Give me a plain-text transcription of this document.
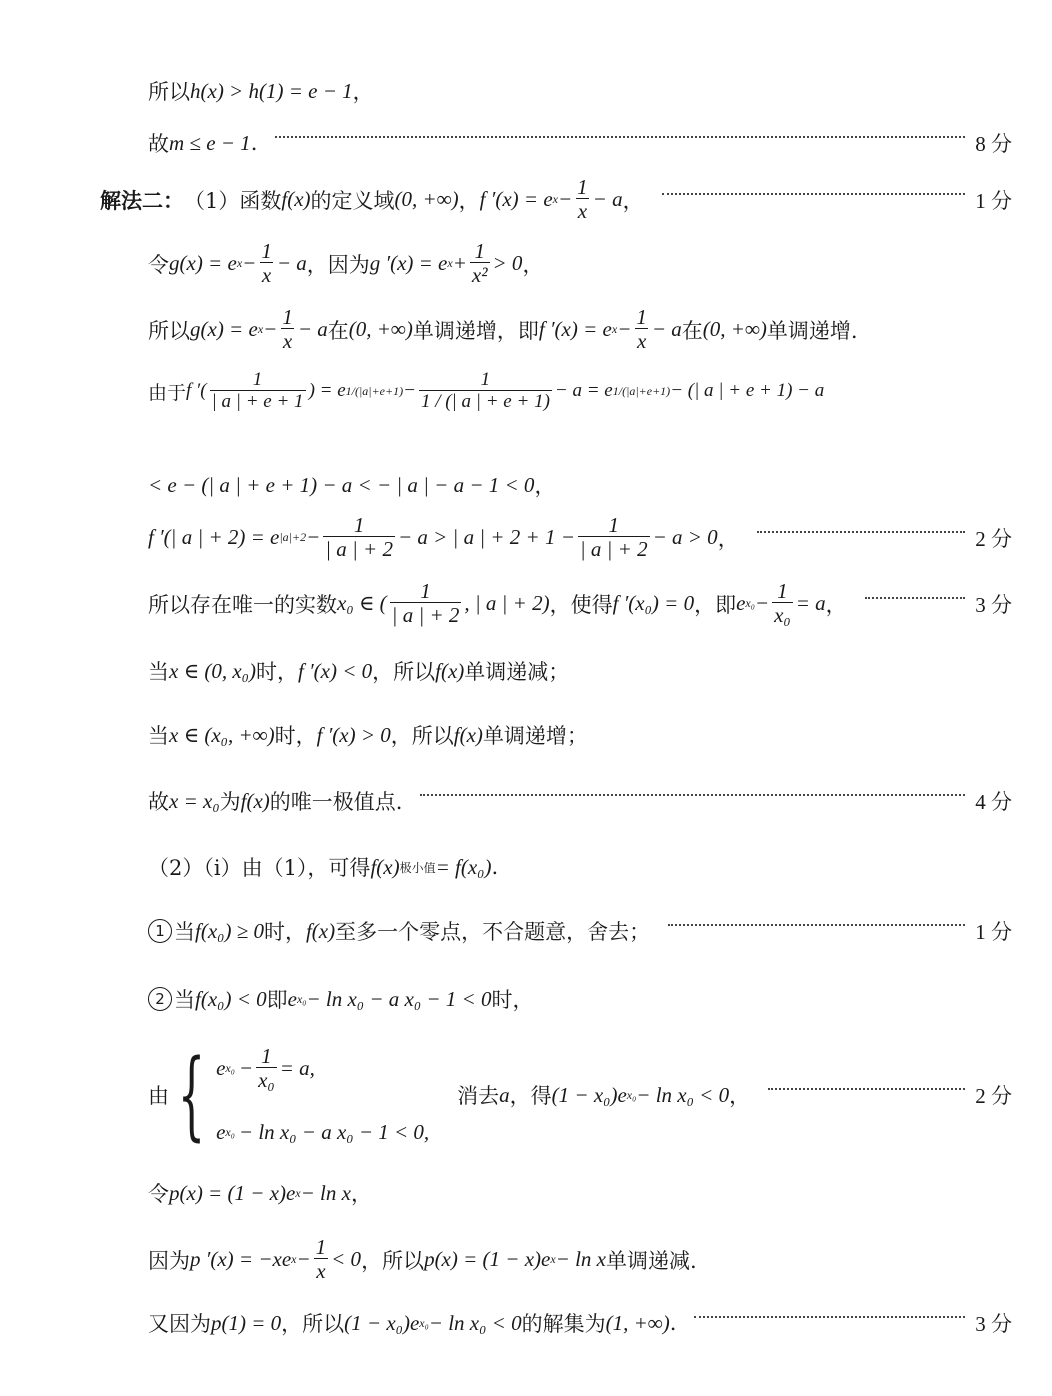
所以 h(x) > h(1) = e − 1 ，
故 m ≤ e − 1 .	8 分
解法二： （1）函数 f(x) 的定义域 (0, +∞) ， f ′(x) = e $x - \frac{1}{x} - a$ ，	1 分
令 g(x) = e $x - \frac{1}{x} - a$ ，因为 g ′(x) = e $x + \frac{1}{\text{x²}} > 0$ ，
所以 g(x) = e $x - \frac{1}{x} - a$ 在 (0, +∞) 单调递增，即 f ′(x) = e $x - \frac{1}{x} - a$ 在 (0, +∞) 单调递增.
由于 f ′( $\frac{1}{| a | + e + 1}$ ) = e $1/(|a|+e+1) - \frac{1}{1 / (| a | + e + 1)} - a = e$ 1/(|a|+e+1) − (| a | + e + 1) − a
< e − (| a | + e + 1) − a < − | a | − a − 1 < 0 ，
f ′(| a | + 2) = e $|a|+2 - \frac{1}{| a | + 2} - a$ > | a | + $2 + 1 - \frac{1}{| a | + 2} - a > 0$ ，	2 分
所以存在唯一的实数 x₀ ∈ ( $\frac{1}{| a | + 2}$ , | a | + 2) ，使得 f ′(x₀) = 0 ，即 e $x_0 - \frac{1}{\text{x₀}} = a$ ，	3 分
当 x ∈ (0, x₀) 时， f ′(x) < 0 ，所以 f(x) 单调递减；
当 x ∈ (x₀, +∞) 时， f ′(x) > 0 ，所以 f(x) 单调递增；
故 x = x₀ 为 f(x) 的唯一极值点.	4 分
（2）（i）由（1），可得 f(x) 极小值 = f(x₀) .
1 当 f(x₀) ≥ 0 时， f(x) 至多一个零点，不合题意，舍去；	1 分
2 当 f(x₀) < 0 即 e x₀ − ln x₀ − a x₀ − 1 < 0 时，
由 { e $x_0 - \frac{1}{\text{x₀}} = a$,
e x₀ − ln x₀ − a x₀ − 1 < 0,
消去 a ，得 (1 − x₀)e x₀ − ln x₀ < 0 ，	2 分
令 p(x) = (1 − x)e x − ln x ，
因为 p ′(x) = −xe $x - \frac{1}{x} < 0$ ，所以 p(x) = (1 − x)e x − ln x 单调递减.
又因为 p(1) = 0 ，所以 (1 − x₀)e x₀ − ln x₀ < 0 的解集为 (1, +∞) .	3 分
